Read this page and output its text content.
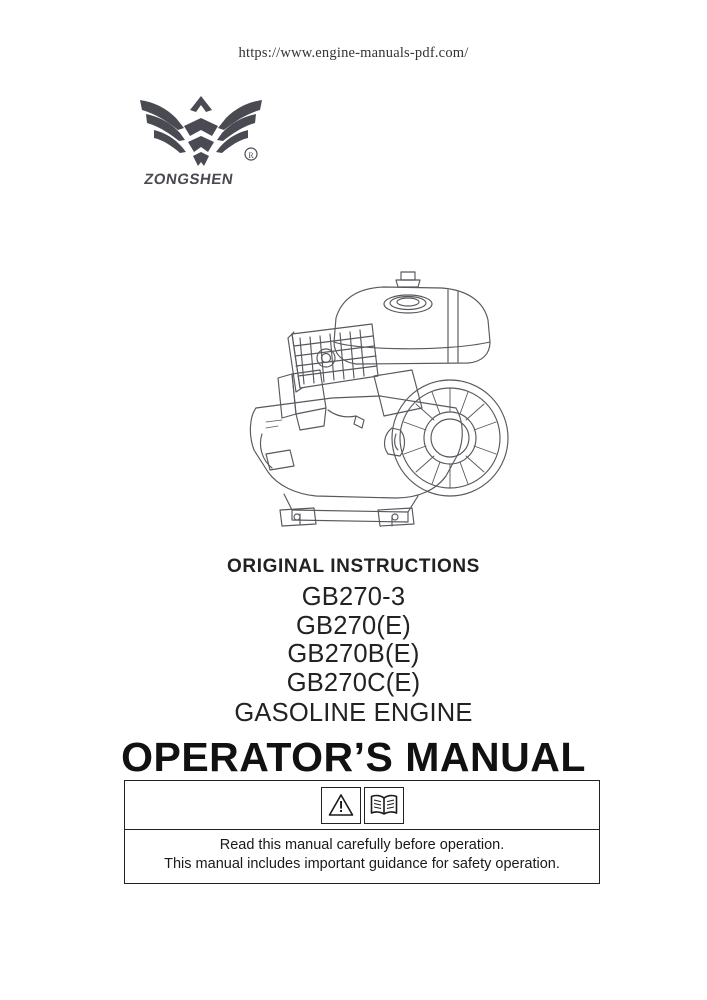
https://www.engine-manuals-pdf.com/
R
ZONGSHEN
ORIGINAL INSTRUCTIONS
GB270-3
GB270(E)
GB270B(E)
GB270C(E)
GASOLINE ENGINE
OPERATOR’S MANUAL
Read this manual carefully before operation.
This manual includes important guidance for safety operation.
